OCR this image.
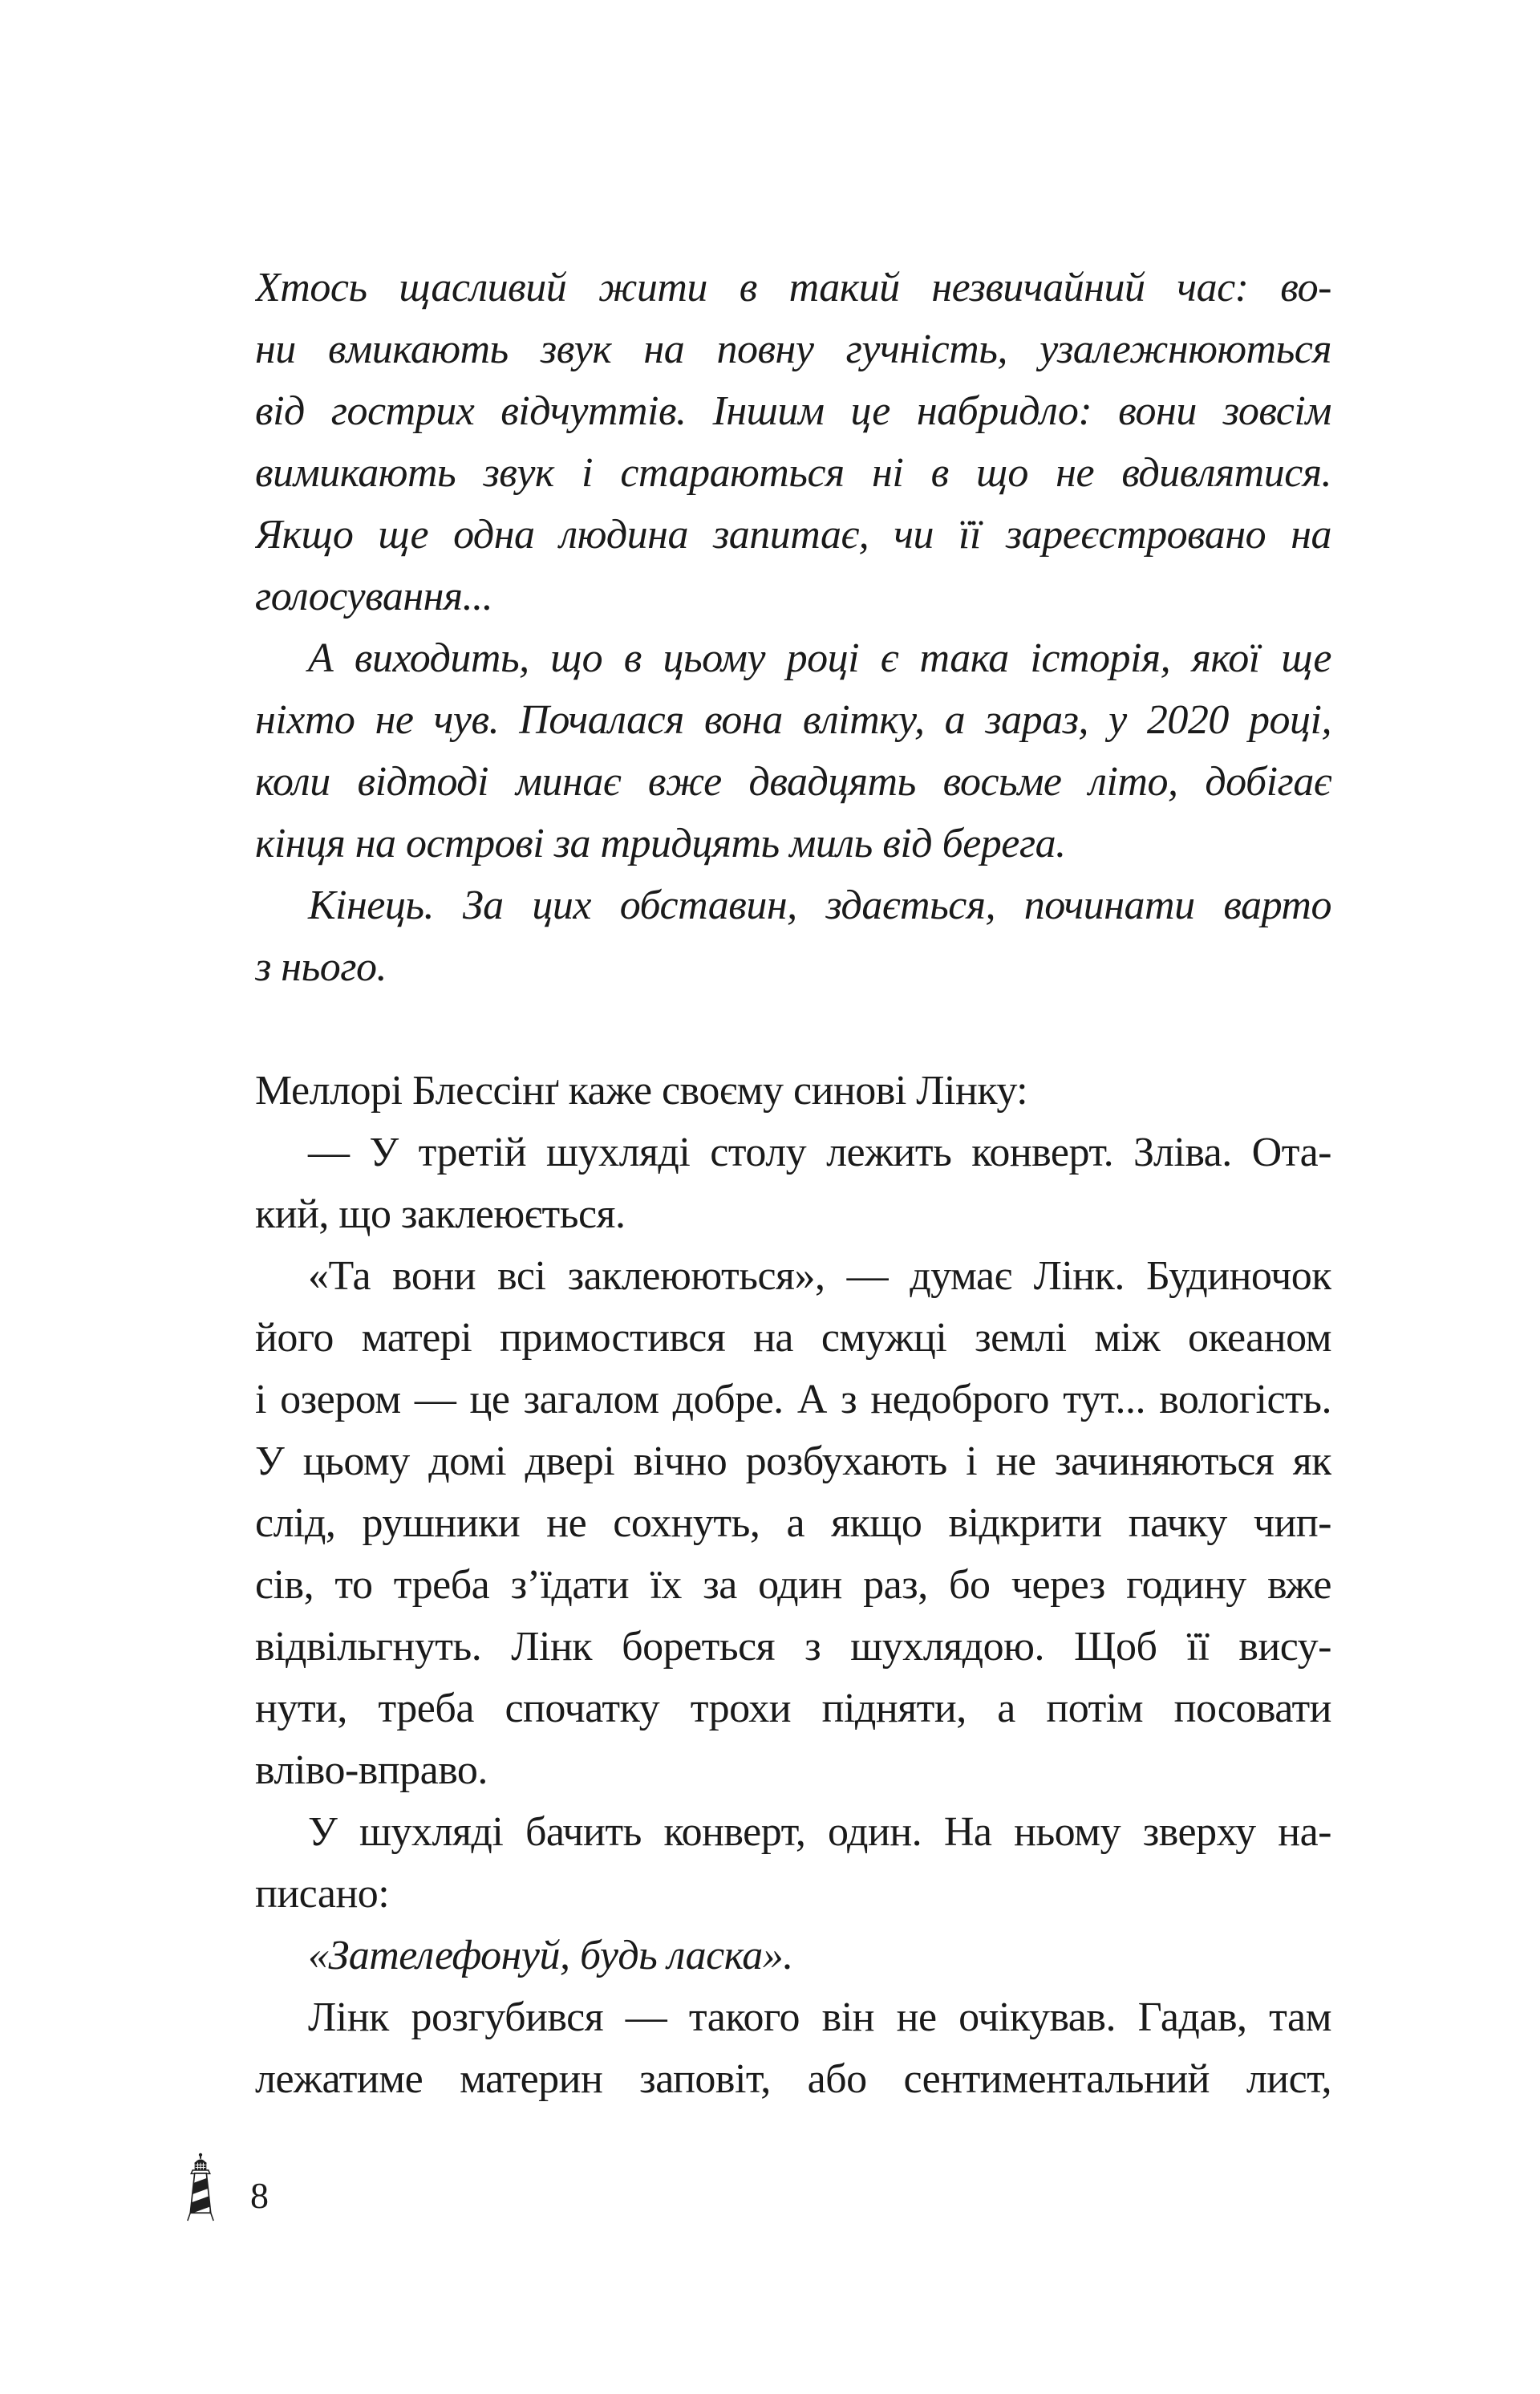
Хтось щасливий жити в такий незвичайний час: во-
ни вмикають звук на повну гучність, узалежнюються
від гострих відчуттів. Іншим це набридло: вони зовсім
вимикають звук і стараються ні в що не вдивлятися.
Якщо ще одна людина запитає, чи її зареєстровано на
голосування...

А виходить, що в цьому році є така історія, якої ще
ніхто не чув. Почалася вона влітку, а зараз, у 2020 році,
коли відтоді минає вже двадцять восьме літо, добігає
кінця на острові за тридцять миль від берега.

Кінець. За цих обставин, здається, починати варто
з нього.

Меллорі Блессінґ каже своєму синові Лінку:

— У третій шухляді столу лежить конверт. Зліва. Ота-
кий, що заклеюється.

«Та вони всі заклеюються», — думає Лінк. Будиночок
його матері примостився на смужці землі між океаном
і озером — це загалом добре. А з недоброго тут... вологість.
У цьому домі двері вічно розбухають і не зачиняються як
слід, рушники не сохнуть, а якщо відкрити пачку чип-
сів, то треба з’їдати їх за один раз, бо через годину вже
відвільгнуть. Лінк бореться з шухлядою. Щоб її вису-
нути, треба спочатку трохи підняти, а потім посовати
вліво-вправо.

У шухляді бачить конверт, один. На ньому зверху на-
писано:

«Зателефонуй, будь ласка».

Лінк розгубився — такого він не очікував. Гадав, там
лежатиме материн заповіт, або сентиментальний лист,

8
